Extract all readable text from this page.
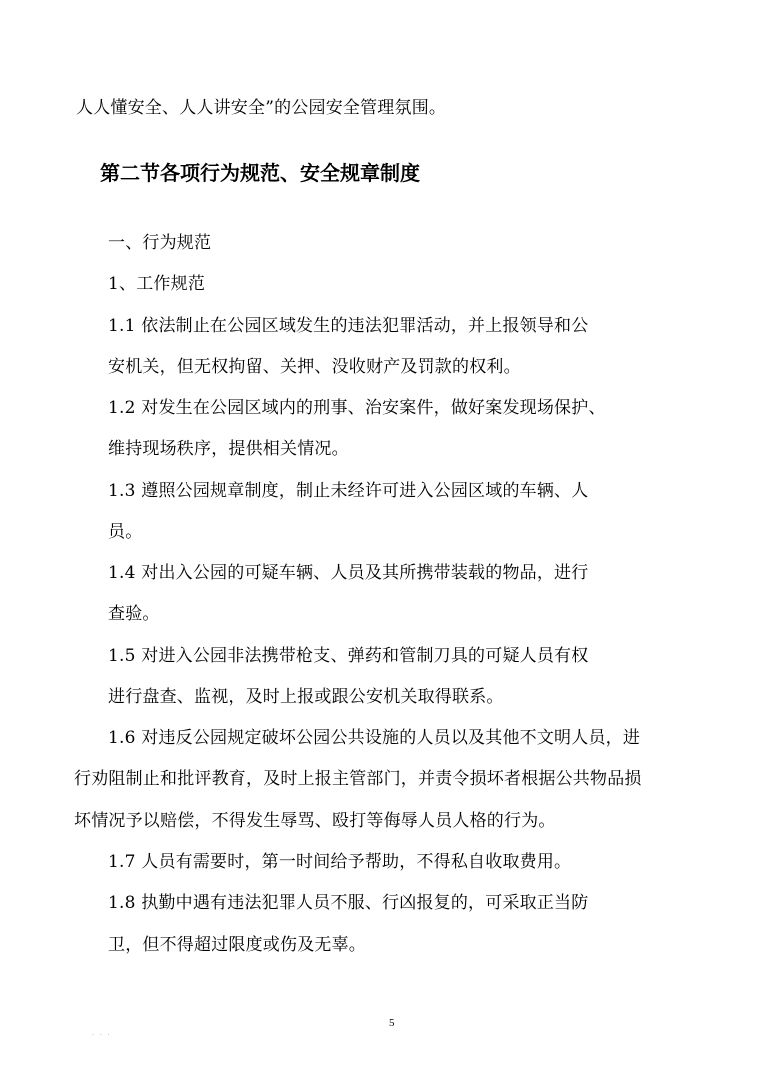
人人懂安全、人人讲安全”的公园安全管理氛围。
第二节各项行为规范、安全规章制度
一、行为规范
1、工作规范
1.1 依法制止在公园区域发生的违法犯罪活动，并上报领导和公
安机关，但无权拘留、关押、没收财产及罚款的权利。
1.2 对发生在公园区域内的刑事、治安案件，做好案发现场保护、
维持现场秩序，提供相关情况。
1.3 遵照公园规章制度，制止未经许可进入公园区域的车辆、人
员。
1.4 对出入公园的可疑车辆、人员及其所携带装载的物品，进行
查验。
1.5 对进入公园非法携带枪支、弹药和管制刀具的可疑人员有权
进行盘查、监视，及时上报或跟公安机关取得联系。
1.6 对违反公园规定破坏公园公共设施的人员以及其他不文明人员，进
行劝阻制止和批评教育，及时上报主管部门，并责令损坏者根据公共物品损
坏情况予以赔偿，不得发生辱骂、殴打等侮辱人员人格的行为。
1.7 人员有需要时，第一时间给予帮助，不得私自收取费用。
1.8 执勤中遇有违法犯罪人员不服、行凶报复的，可采取正当防
卫，但不得超过限度或伤及无辜。
5
. . .
